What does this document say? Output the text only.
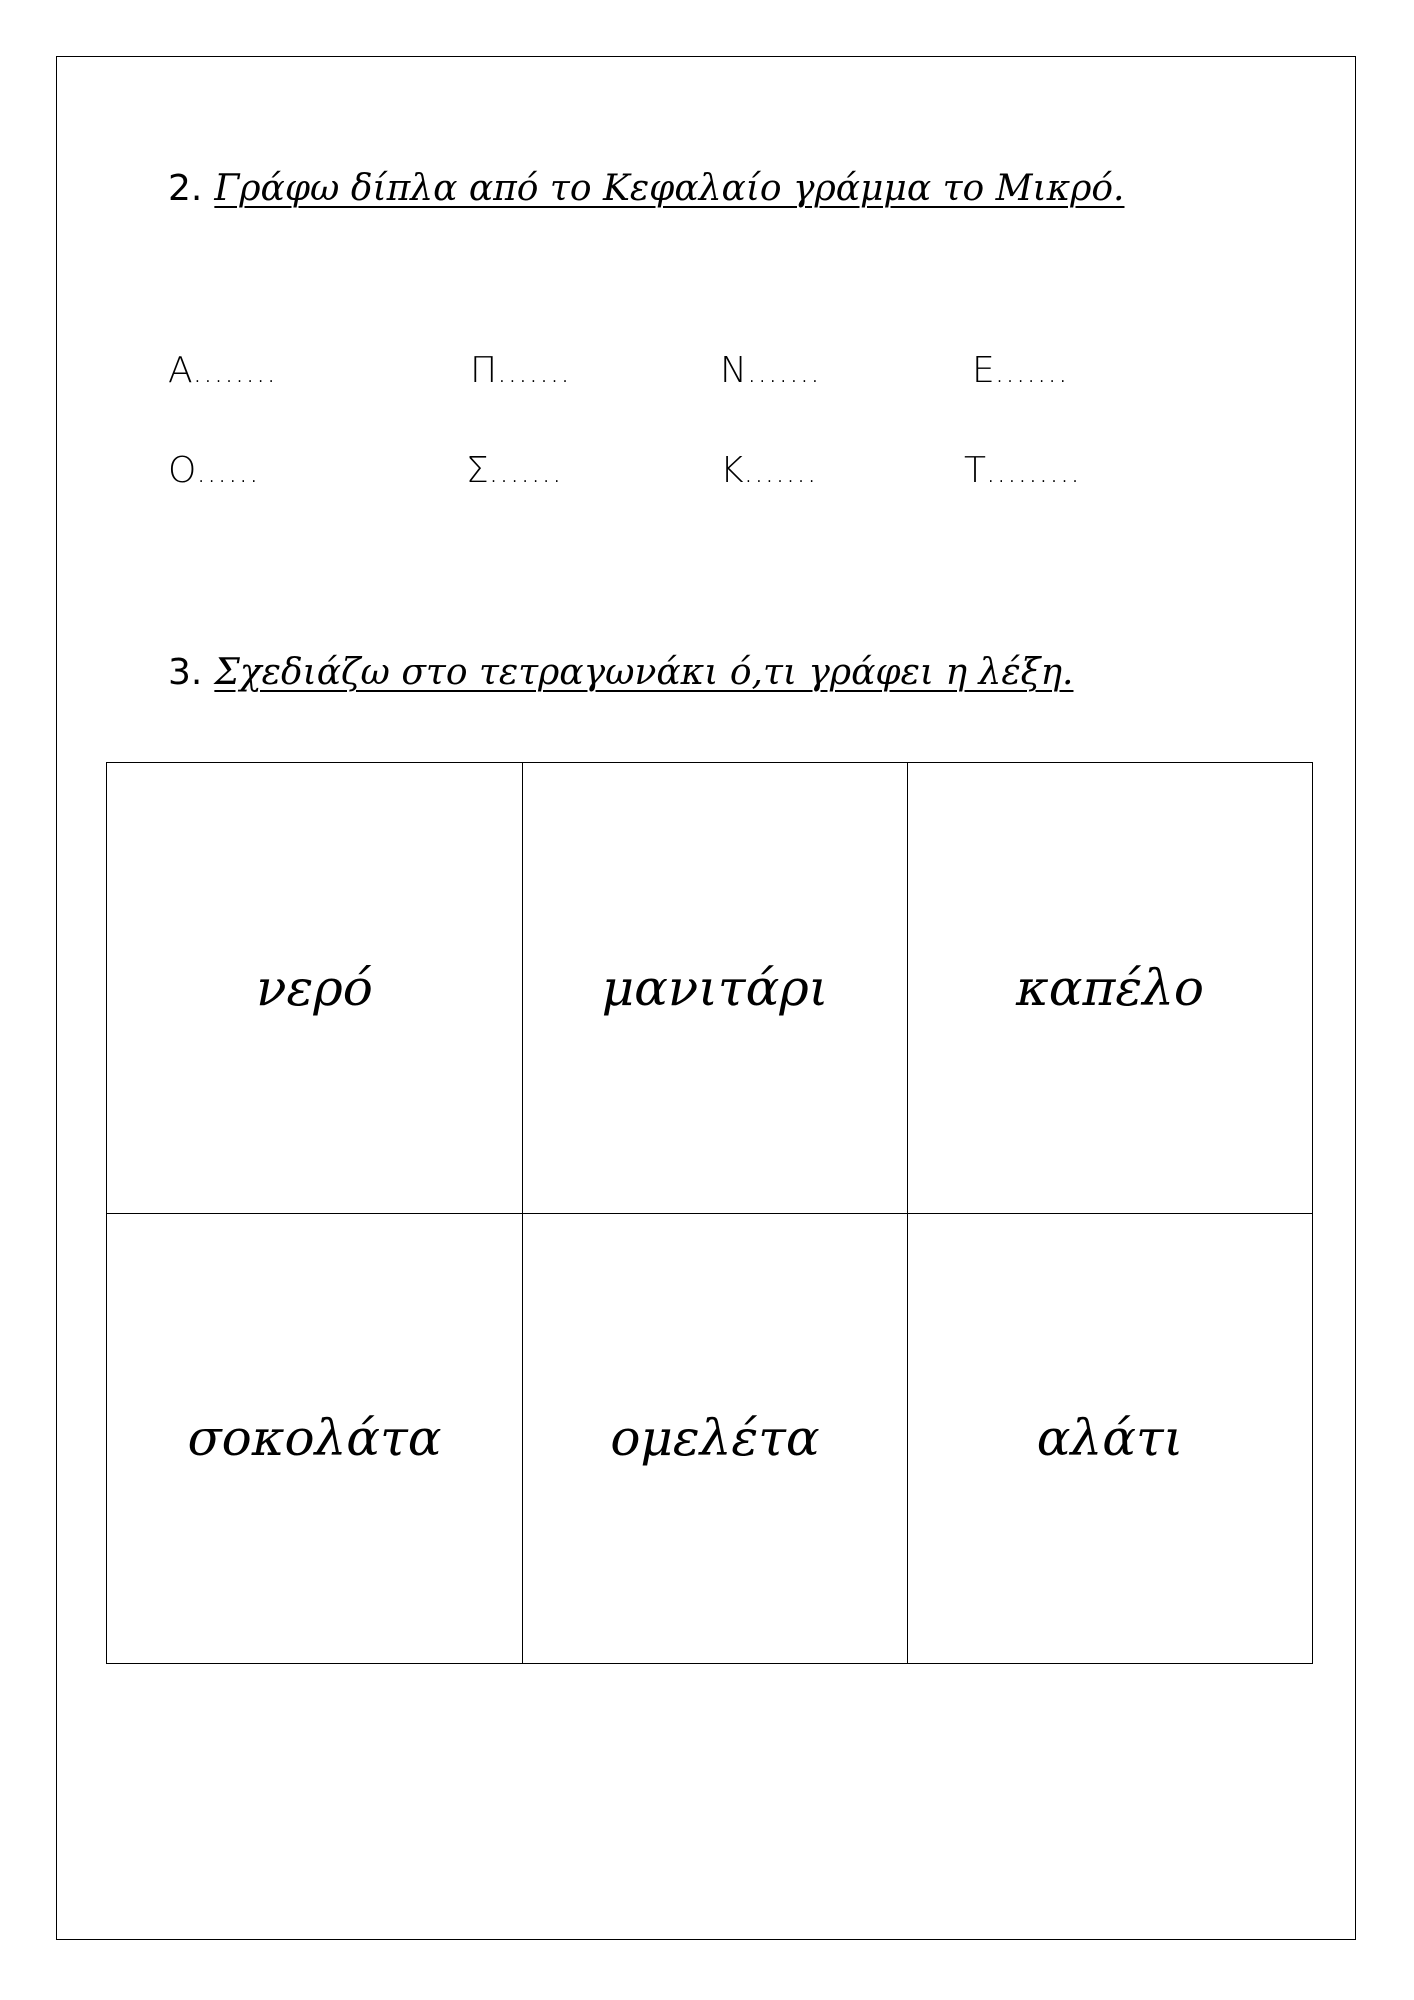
2. Γράφω δίπλα από το Κεφαλαίο γράμμα το Μικρό.
Α........	Π.......	Ν.......	Ε.......
Ο......	Σ.......	Κ.......	Τ.........
3. Σχεδιάζω στο τετραγωνάκι ό,τι γράφει η λέξη.
νερό	μανιτάρι	καπέλο
σοκολάτα	ομελέτα	αλάτι
